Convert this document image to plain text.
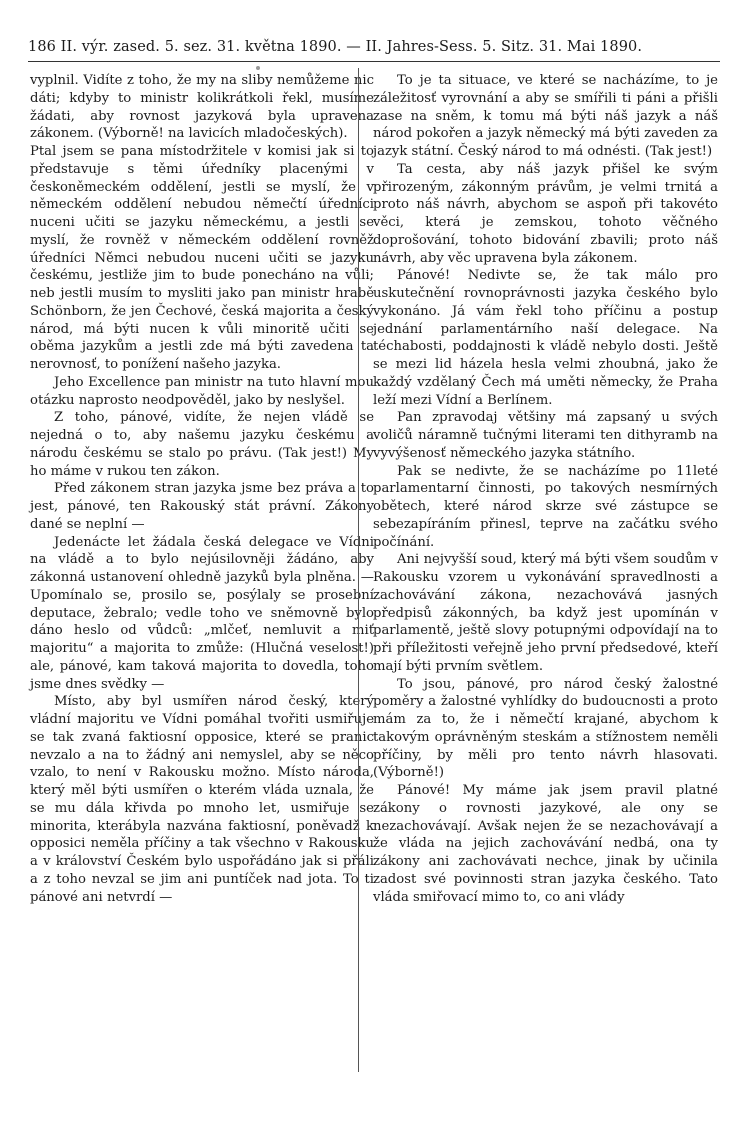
186 II. výr. zased. 5. sez. 31. května 1890. — II. Jahres-Sess. 5. Sitz. 31. Mai 1890.

vyplnil. Vidíte z toho, že my na sliby nemůžeme nic dáti; kdyby to ministr kolikrátkoli řekl, musíme žádati, aby rovnost jazyková byla upravena zákonem. (Výborně! na lavicích mladočeských).

Ptal jsem se pana místodržitele v komisi jak si to představuje s těmi úředníky placenými v českoněmeckém oddělení, jestli se myslí, že v německém oddělení nebudou němečtí úředníci nuceni učiti se jazyku německému, a jestli se myslí, že rovněž v německém oddělení rovněž úředníci Němci nebudou nuceni učiti se jazyku českému, jestliže jim to bude ponecháno na vůli; neb jestli musím to mysliti jako pan ministr hrabě Schönborn, že jen Čechové, česká majorita a český národ, má býti nucen k vůli minoritě učiti se oběma jazykům a jestli zde má býti zavedena ta nerovnosť, to ponížení našeho jazyka.

Jeho Excellence pan ministr na tuto hlavní mou otázku naprosto neodpověděl, jako by neslyšel.

Z toho, pánové, vidíte, že nejen vládě se nejedná o to, aby našemu jazyku českému a národu českému se stalo po právu. (Tak jest!) My ho máme v rukou ten zákon.

Před zákonem stran jazyka jsme bez práva a to jest, pánové, ten Rakouský stát právní. Zákony dané se neplní —

Jedenácte let žádala česká delegace ve Vídni na vládě a to bylo nejúsilovněji žádáno, aby zákonná ustanovení ohledně jazyků byla plněna. — Upomínalo se, prosilo se, posýlaly se prosební deputace, žebralo; vedle toho ve sněmovně bylo dáno heslo od vůdců: „mlčeť, nemluvit a miť majoritu“ a majorita to zmůže: (Hlučná veselost!) ale, pánové, kam taková majorita to dovedla, toho jsme dnes svědky —

Místo, aby byl usmířen národ český, který vládní majoritu ve Vídni pomáhal tvořiti usmiřuje se tak zvaná faktiosní opposice, které se pranic nevzalo a na to žádný ani nemyslel, aby se něco vzalo, to není v Rakousku možno. Místo národa, který měl býti usmířen o kterém vláda uznala, že se mu dála křivda po mnoho let, usmiřuje se minorita, kterábyla nazvána faktiosní, poněvadž k opposici neměla příčiny a tak všechno v Rakousku a v království Českém bylo uspořádáno jak si přáli a z toho nevzal se jim ani puntíček nad jota. To ti pánové ani netvrdí —

To je ta situace, ve které se nacházíme, to je záležitosť vyrovnání a aby se smířili ti páni a přišli zase na sněm, k tomu má býti náš jazyk a náš národ pokořen a jazyk německý má býti zaveden za jazyk státní. Český národ to má odnésti. (Tak jest!)

Ta cesta, aby náš jazyk přišel ke svým přirozeným, zákonným právům, je velmi trnitá a proto náš návrh, abychom se aspoň při takovéto věci, která je zemskou, tohoto věčného doprošování, tohoto bidování zbavili; proto náš návrh, aby věc upravena byla zákonem.

Pánové! Nedivte se, že tak málo pro uskutečnění rovnoprávnosti jazyka českého bylo vykonáno. Já vám řekl toho příčinu a postup jednání parlamentárního naší delegace. Na téchabosti, poddajnosti k vládě nebylo dosti. Ještě se mezi lid házela hesla velmi zhoubná, jako že každý vzdělaný Čech má uměti německy, že Praha leží mezi Vídní a Berlínem.

Pan zpravodaj většiny má zapsaný u svých voličů náramně tučnými literami ten dithyramb na vyvýšenosť německého jazyka státního.

Pak se nedivte, že se nacházíme po 11leté parlamentarní činnosti, po takových nesmírných obětech, které národ skrze své zástupce se sebezapíráním přinesl, teprve na začátku svého počínání.

Ani nejvyšší soud, který má býti všem soudům v Rakousku vzorem u vykonávání spravedlnosti a zachovávání zákona, nezachovává jasných předpisů zákonných, ba když jest upomínán v parlamentě, ještě slovy potupnými odpovídají na to při příležitosti veřejně jeho první předsedové, kteří mají býti prvním světlem.

To jsou, pánové, pro národ český žalostné poměry a žalostné vyhlídky do budoucnosti a proto mám za to, že i němečtí krajané, abychom k takovým oprávněným steskám a stížnostem neměli příčiny, by měli pro tento návrh hlasovati. (Výborně!)

Pánové! My máme jak jsem pravil platné zákony o rovnosti jazykové, ale ony se nezachovávají. Avšak nejen že se nezachovávají a že vláda na jejich zachovávání nedbá, ona ty zákony ani zachovávati nechce, jinak by učinila zadost své povinnosti stran jazyka českého. Tato vláda smiřovací mimo to, co ani vlády
